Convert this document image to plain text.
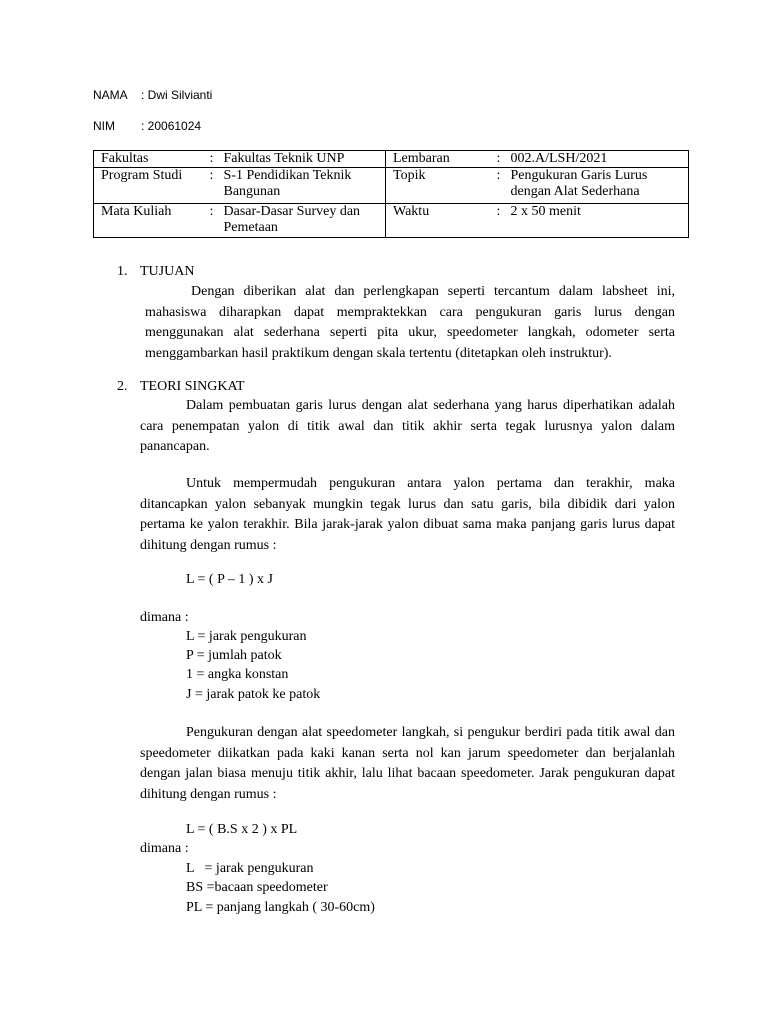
NAMA : Dwi Silvianti
NIM : 20061024
Fakultas	:	Fakultas Teknik UNP	Lembaran	:	002.A/LSH/2021
Program Studi	:	S-1 Pendidikan Teknik Bangunan	Topik	:	Pengukuran Garis Lurus dengan Alat Sederhana
Mata Kuliah	:	Dasar-Dasar Survey dan Pemetaan	Waktu	:	2 x 50 menit
1. TUJUAN
Dengan diberikan alat dan perlengkapan seperti tercantum dalam labsheet ini, mahasiswa diharapkan dapat mempraktekkan cara pengukuran garis lurus dengan menggunakan alat sederhana seperti pita ukur, speedometer langkah, odometer serta menggambarkan hasil praktikum dengan skala tertentu (ditetapkan oleh instruktur).
2. TEORI SINGKAT
Dalam pembuatan garis lurus dengan alat sederhana yang harus diperhatikan adalah cara penempatan yalon di titik awal dan titik akhir serta tegak lurusnya yalon dalam panancapan.
Untuk mempermudah pengukuran antara yalon pertama dan terakhir, maka ditancapkan yalon sebanyak mungkin tegak lurus dan satu garis, bila dibidik dari yalon pertama ke yalon terakhir. Bila jarak-jarak yalon dibuat sama maka panjang garis lurus dapat dihitung dengan rumus :
L = ( P – 1 ) x J
dimana :
L = jarak pengukuran
P = jumlah patok
1 = angka konstan
J = jarak patok ke patok
Pengukuran dengan alat speedometer langkah, si pengukur berdiri pada titik awal dan speedometer diikatkan pada kaki kanan serta nol kan jarum speedometer dan berjalanlah dengan jalan biasa menuju titik akhir, lalu lihat bacaan speedometer. Jarak pengukuran dapat dihitung dengan rumus :
L = ( B.S x 2 ) x PL
dimana :
L   = jarak pengukuran
BS =bacaan speedometer
PL = panjang langkah ( 30-60cm)
